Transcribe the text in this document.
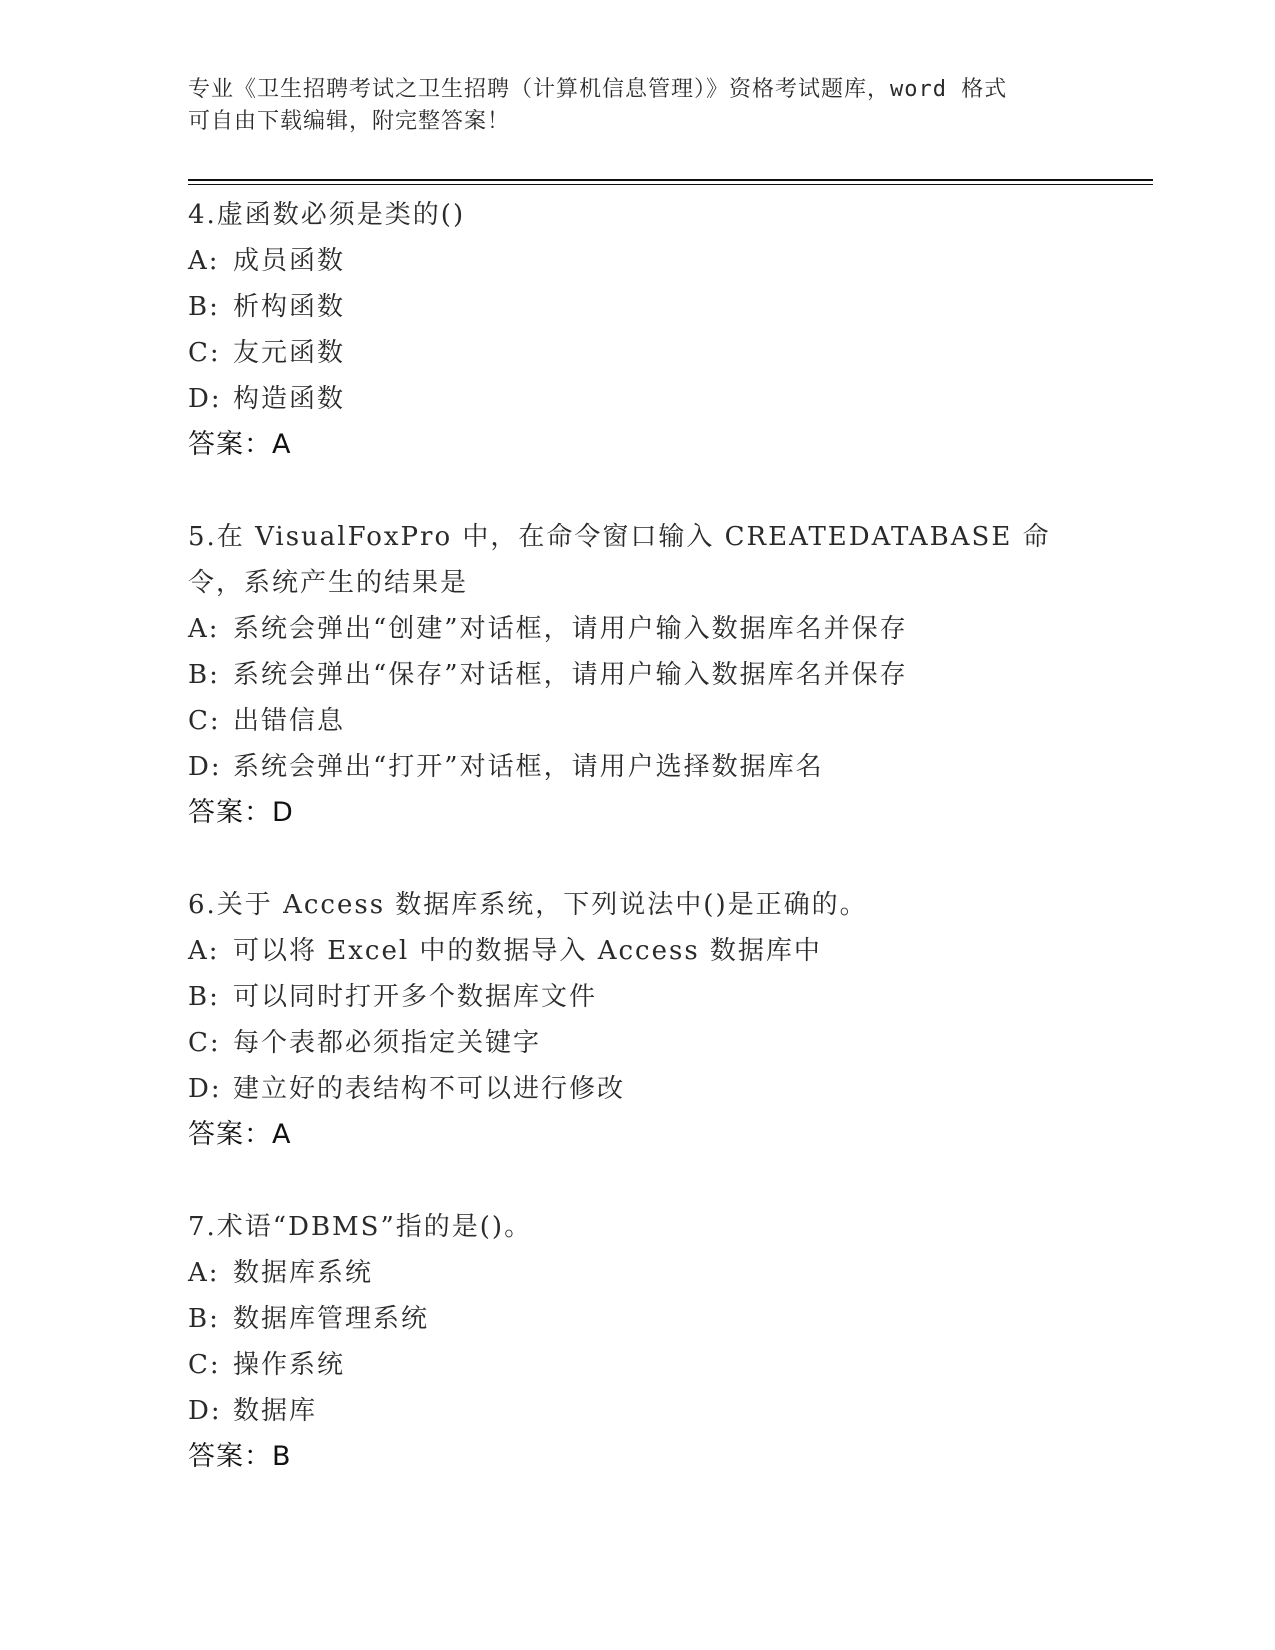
专业《卫生招聘考试之卫生招聘（计算机信息管理）》资格考试题库，word 格式
可自由下载编辑，附完整答案！
4.虚函数必须是类的()
A: 成员函数
B: 析构函数
C: 友元函数
D: 构造函数
答案：A
5.在 VisualFoxPro 中，在命令窗口输入 CREATEDATABASE 命令，系统产生的结果是
A: 系统会弹出“创建”对话框，请用户输入数据库名并保存
B: 系统会弹出“保存”对话框，请用户输入数据库名并保存
C: 出错信息
D: 系统会弹出“打开”对话框，请用户选择数据库名
答案：D
6.关于 Access 数据库系统，下列说法中()是正确的。
A: 可以将 Excel 中的数据导入 Access 数据库中
B: 可以同时打开多个数据库文件
C: 每个表都必须指定关键字
D: 建立好的表结构不可以进行修改
答案：A
7.术语“DBMS”指的是()。
A: 数据库系统
B: 数据库管理系统
C: 操作系统
D: 数据库
答案：B
